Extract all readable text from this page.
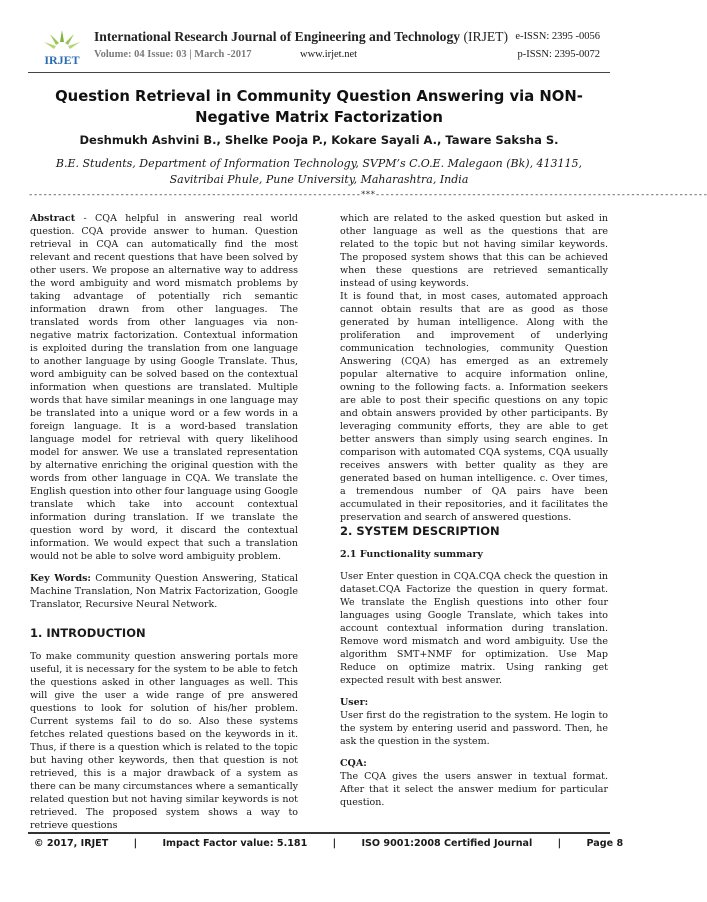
IRJET
International Research Journal of Engineering and Technology (IRJET) e-ISSN: 2395 -0056
Volume: 04 Issue: 03 | March -2017	www.irjet.net	p-ISSN: 2395-0072
Question Retrieval in Community Question Answering via NON-Negative Matrix Factorization
Deshmukh Ashvini B., Shelke Pooja P., Kokare Sayali A., Taware Saksha S.
B.E. Students, Department of Information Technology, SVPM’s C.O.E. Malegaon (Bk), 413115, Savitribai Phule, Pune University, Maharashtra, India
---------------------------------------------------------------------***---------------------------------------------------------------------

Abstract - CQA helpful in answering real world question. CQA provide answer to human. Question retrieval in CQA can automatically find the most relevant and recent questions that have been solved by other users. We propose an alternative way to address the word ambiguity and word mismatch problems by taking advantage of potentially rich semantic information drawn from other languages. The translated words from other languages via non-negative matrix factorization. Contextual information is exploited during the translation from one language to another language by using Google Translate. Thus, word ambiguity can be solved based on the contextual information when questions are translated. Multiple words that have similar meanings in one language may be translated into a unique word or a few words in a foreign language. It is a word-based translation language model for retrieval with query likelihood model for answer. We use a translated representation by alternative enriching the original question with the words from other language in CQA. We translate the English question into other four language using Google translate which take into account contextual information during translation. If we translate the question word by word, it discard the contextual information. We would expect that such a translation would not be able to solve word ambiguity problem.

Key Words: Community Question Answering, Statical Machine Translation, Non Matrix Factorization, Google Translator, Recursive Neural Network.

1. INTRODUCTION

To make community question answering portals more useful, it is necessary for the system to be able to fetch the questions asked in other languages as well. This will give the user a wide range of pre answered questions to look for solution of his/her problem. Current systems fail to do so. Also these systems fetches related questions based on the keywords in it. Thus, if there is a question which is related to the topic but having other keywords, then that question is not retrieved, this is a major drawback of a system as there can be many circumstances where a semantically related question but not having similar keywords is not retrieved. The proposed system shows a way to retrieve questions

which are related to the asked question but asked in other language as well as the questions that are related to the topic but not having similar keywords. The proposed system shows that this can be achieved when these questions are retrieved semantically instead of using keywords.

It is found that, in most cases, automated approach cannot obtain results that are as good as those generated by human intelligence. Along with the proliferation and improvement of underlying communication technologies, community Question Answering (CQA) has emerged as an extremely popular alternative to acquire information online, owning to the following facts. a. Information seekers are able to post their specific questions on any topic and obtain answers provided by other participants. By leveraging community efforts, they are able to get better answers than simply using search engines. In comparison with automated CQA systems, CQA usually receives answers with better quality as they are generated based on human intelligence. c. Over times, a tremendous number of QA pairs have been accumulated in their repositories, and it facilitates the preservation and search of answered questions.

2. SYSTEM DESCRIPTION

2.1 Functionality summary

User Enter question in CQA.CQA check the question in dataset.CQA Factorize the question in query format. We translate the English questions into other four languages using Google Translate, which takes into account contextual information during translation. Remove word mismatch and word ambiguity. Use the algorithm SMT+NMF for optimization. Use Map Reduce on optimize matrix. Using ranking get expected result with best answer.

User:

User first do the registration to the system. He login to the system by entering userid and password. Then, he ask the question in the system.

CQA:

The CQA gives the users answer in textual format. After that it select the answer medium for particular question.

© 2017, IRJET	|	Impact Factor value: 5.181	|	ISO 9001:2008 Certified Journal	|	Page 8
